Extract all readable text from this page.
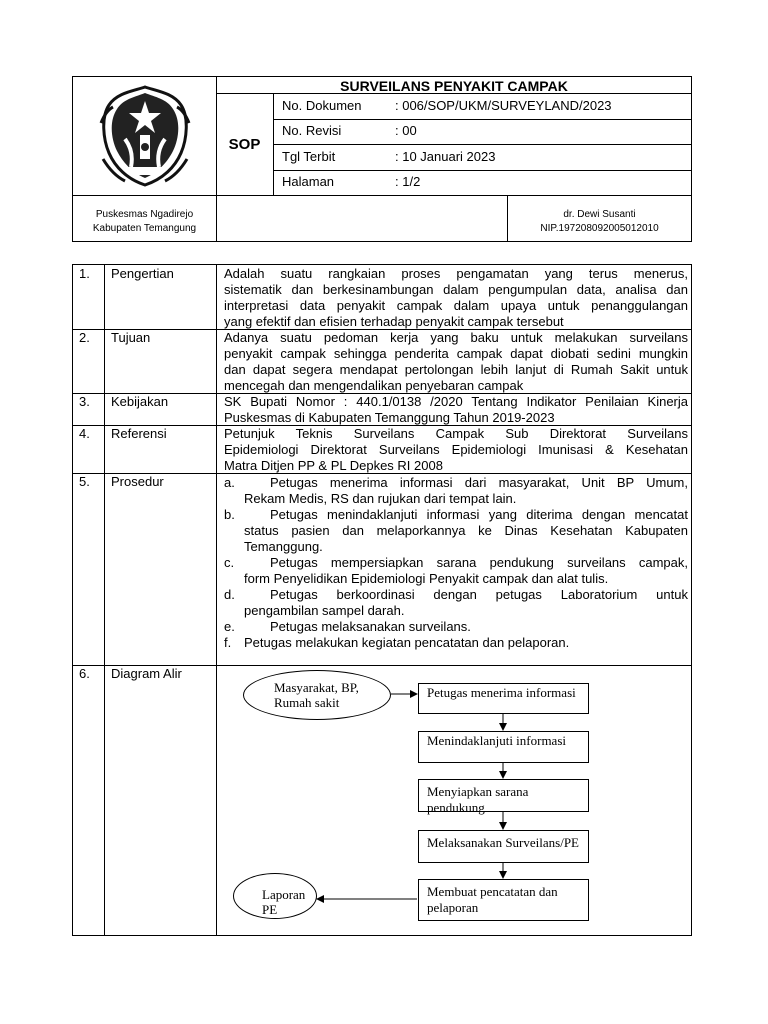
SURVEILANS PENYAKIT CAMPAK
SOP
No. Dokumen	: 006/SOP/UKM/SURVEYLAND/2023
No. Revisi	: 00
Tgl Terbit	: 10 Januari 2023
Halaman	: 1/2
Puskesmas Ngadirejo
Kabupaten Temangung
dr. Dewi Susanti
NIP.197208092005012010
1. Pengertian	Adalah suatu rangkaian proses pengamatan yang terus menerus,
sistematik dan berkesinambungan dalam pengumpulan data, analisa dan
interpretasi data penyakit campak dalam upaya untuk penanggulangan
yang efektif dan efisien terhadap penyakit campak tersebut
2. Tujuan	Adanya suatu pedoman kerja yang baku untuk melakukan surveilans
penyakit campak sehingga penderita campak dapat diobati sedini mungkin
dan dapat segera mendapat pertolongan lebih lanjut di Rumah Sakit untuk
mencegah dan mengendalikan penyebaran campak
3. Kebijakan	SK Bupati Nomor : 440.1/0138 /2020 Tentang Indikator Penilaian Kinerja
Puskesmas di Kabupaten Temanggung Tahun 2019-2023
4. Referensi	Petunjuk Teknis Surveilans Campak Sub Direktorat Surveilans
Epidemiologi Direktorat Surveilans Epidemiologi Imunisasi & Kesehatan
Matra Ditjen PP & PL Depkes RI 2008
5. Prosedur	a.	Petugas menerima informasi dari masyarakat, Unit BP Umum,
Rekam Medis, RS dan rujukan dari tempat lain.
b.	Petugas menindaklanjuti informasi yang diterima dengan mencatat
status pasien dan melaporkannya ke Dinas Kesehatan Kabupaten
Temanggung.
c.	Petugas mempersiapkan sarana pendukung surveilans campak,
form Penyelidikan Epidemiologi Penyakit campak dan alat tulis.
d.	Petugas berkoordinasi dengan petugas Laboratorium untuk
pengambilan sampel darah.
e.	Petugas melaksanakan surveilans.
f. Petugas melakukan kegiatan pencatatan dan pelaporan.
6. Diagram Alir
Masyarakat, BP, Rumah sakit
Petugas menerima informasi
Menindaklanjuti informasi
Menyiapkan sarana pendukung
Melaksanakan Surveilans/PE
Membuat pencatatan dan pelaporan
Laporan PE
